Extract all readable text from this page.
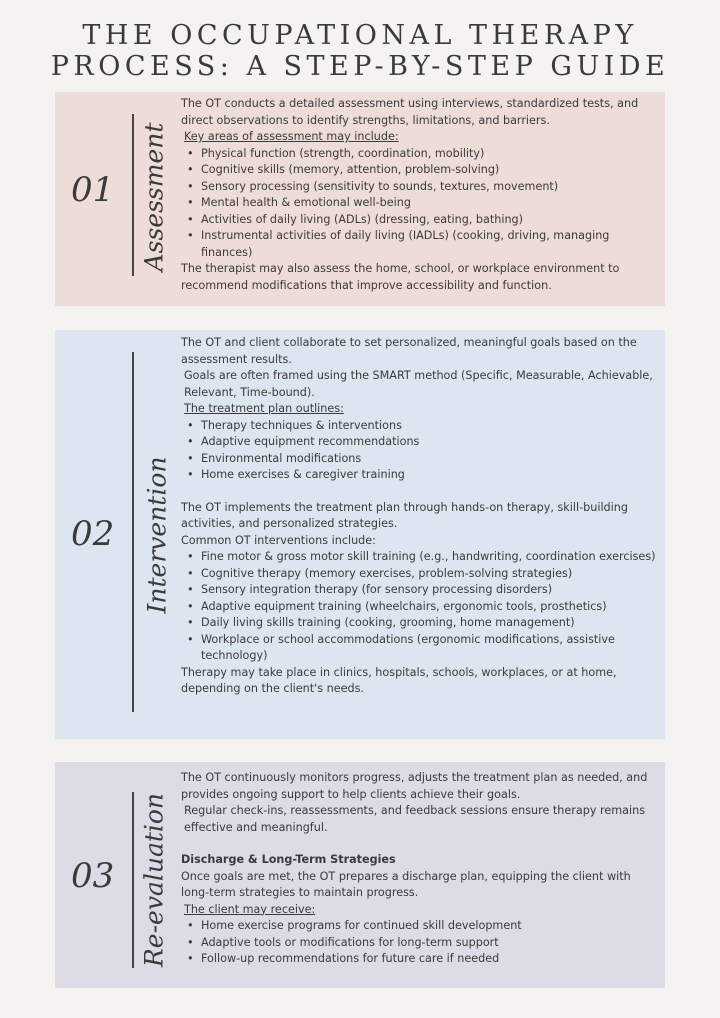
THE OCCUPATIONAL THERAPY
PROCESS: A STEP-BY-STEP GUIDE
01	Assessment

The OT conducts a detailed assessment using interviews, standardized tests, and direct observations to identify strengths, limitations, and barriers.

Key areas of assessment may include:

• Physical function (strength, coordination, mobility)
• Cognitive skills (memory, attention, problem-solving)
• Sensory processing (sensitivity to sounds, textures, movement)
• Mental health & emotional well-being
• Activities of daily living (ADLs) (dressing, eating, bathing)
• Instrumental activities of daily living (IADLs) (cooking, driving, managing finances)

The therapist may also assess the home, school, or workplace environment to recommend modifications that improve accessibility and function.

02	Intervention

The OT and client collaborate to set personalized, meaningful goals based on the assessment results.

Goals are often framed using the SMART method (Specific, Measurable, Achievable, Relevant, Time-bound).

The treatment plan outlines:

• Therapy techniques & interventions
• Adaptive equipment recommendations
• Environmental modifications
• Home exercises & caregiver training

The OT implements the treatment plan through hands-on therapy, skill-building activities, and personalized strategies.

Common OT interventions include:

• Fine motor & gross motor skill training (e.g., handwriting, coordination exercises)
• Cognitive therapy (memory exercises, problem-solving strategies)
• Sensory integration therapy (for sensory processing disorders)
• Adaptive equipment training (wheelchairs, ergonomic tools, prosthetics)
• Daily living skills training (cooking, grooming, home management)
• Workplace or school accommodations (ergonomic modifications, assistive technology)

Therapy may take place in clinics, hospitals, schools, workplaces, or at home, depending on the client's needs.

03	Re-evaluation

The OT continuously monitors progress, adjusts the treatment plan as needed, and provides ongoing support to help clients achieve their goals.

Regular check-ins, reassessments, and feedback sessions ensure therapy remains effective and meaningful.

Discharge & Long-Term Strategies

Once goals are met, the OT prepares a discharge plan, equipping the client with long-term strategies to maintain progress.

The client may receive:

• Home exercise programs for continued skill development
• Adaptive tools or modifications for long-term support
• Follow-up recommendations for future care if needed
